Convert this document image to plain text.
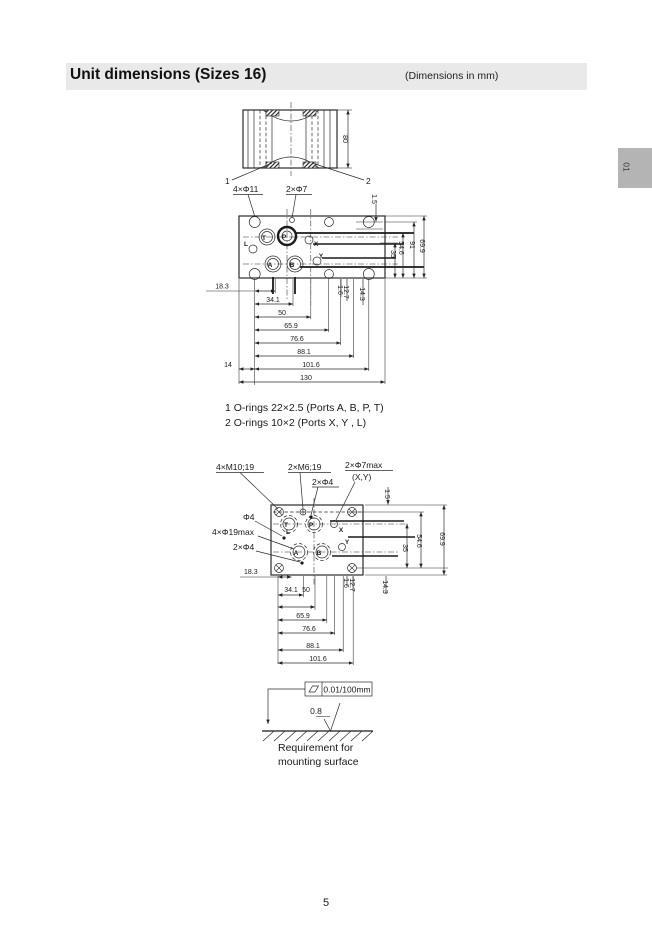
Unit dimensions (Sizes 16)	(Dimensions in mm)
01
1 O-rings 22×2.5 (Ports A, B, P, T)
2 O-rings 10×2 (Ports X, Y , L)
Requirement for
mounting surface
5
80
1	2
4×Φ11	2×Φ7
L
T P
X
A	B
Y
1.5
35 54.6 91 69.9
18.3
34.1
50
65.9
76.6
88.1
101.6
130
14
1.6 12.7 14.3
4×M10;19	2×M6;19	2×Φ7max
(X,Y)
2×Φ4
Φ4
4×Φ19max
2×Φ4
18.3
T	P
L	X
A	B
Y
1.5
35
54.6 69.9
34.1 50
65.9
76.6
88.1
101.6
1.6 12.7	14.3
0.01/100mm
0.8
